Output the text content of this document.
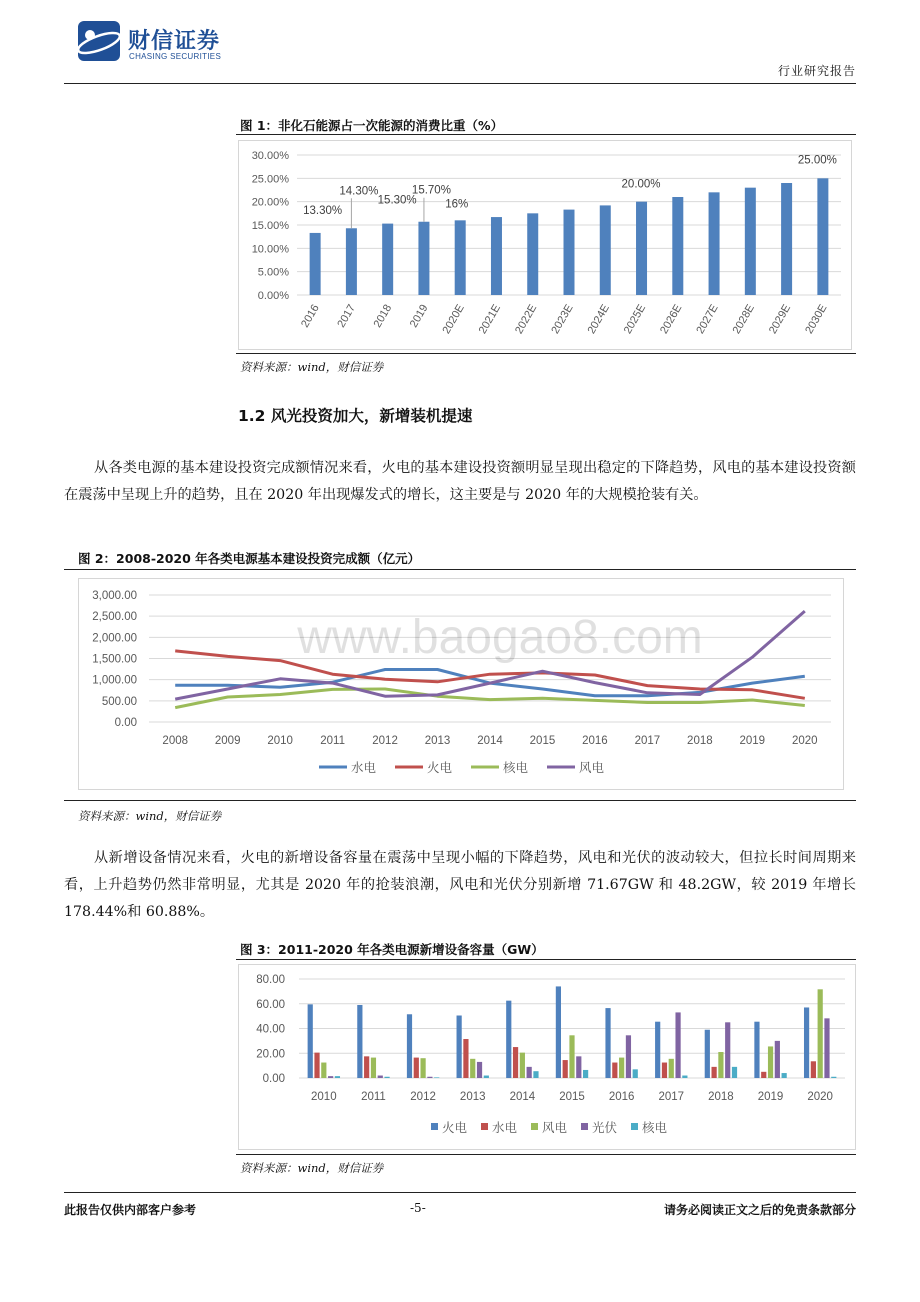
财信证券
CHASING SECURITIES
行业研究报告
图 1：非化石能源占一次能源的消费比重（%）
0.00%
5.00%
10.00%
15.00%
20.00%
25.00%
30.00%
2016 2017 2018 2019 2020E 2021E 2022E 2023E 2024E 2025E 2026E 2027E 2028E 2029E 2030E
13.30%
14.30%
15.30%
15.70%
16%
20.00%
25.00%
资料来源：wind，财信证券
1.2 风光投资加大，新增装机提速
从各类电源的基本建设投资完成额情况来看，火电的基本建设投资额明显呈现出稳定的下降趋势，风电的基本建设投资额在震荡中呈现上升的趋势，且在 2020 年出现爆发式的增长，这主要是与 2020 年的大规模抢装有关。
图 2：2008-2020 年各类电源基本建设投资完成额（亿元）
0.00
500.00
1,000.00
1,500.00
2,000.00
2,500.00
3,000.00
2008 2009 2010 2011 2012 2013 2014 2015 2016 2017 2018 2019 2020
www.baogao8.com
水电	火电	核电	风电
资料来源：wind，财信证券
从新增设备情况来看，火电的新增设备容量在震荡中呈现小幅的下降趋势，风电和光伏的波动较大，但拉长时间周期来看，上升趋势仍然非常明显，尤其是 2020 年的抢装浪潮，风电和光伏分别新增 71.67GW 和 48.2GW，较 2019 年增长 178.44%和 60.88%。
图 3：2011-2020 年各类电源新增设备容量（GW）
0.00
20.00
40.00
60.00
80.00
2010 2011 2012 2013 2014 2015 2016 2017 2018 2019 2020
火电 水电 风电 光伏 核电
资料来源：wind，财信证券
此报告仅供内部客户参考	-5-	请务必阅读正文之后的免责条款部分
